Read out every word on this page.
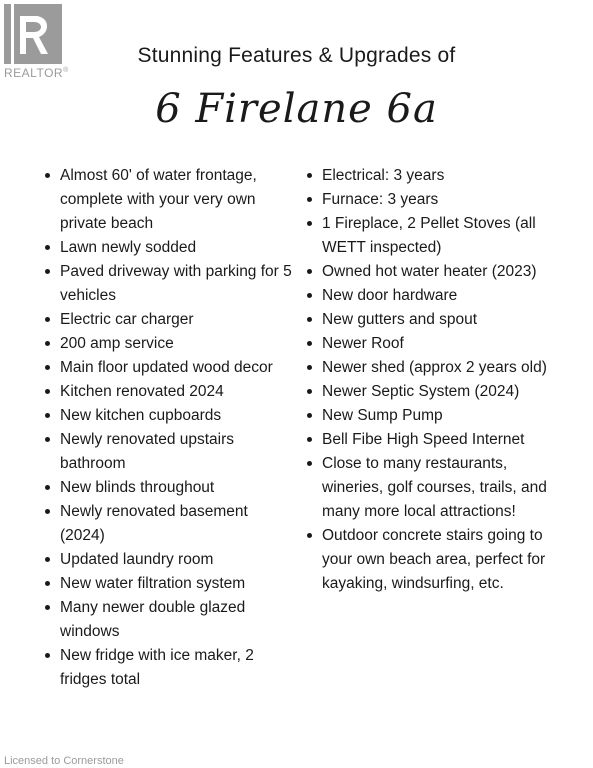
REALTOR®
Stunning Features & Upgrades of
6 Firelane 6a
Almost 60' of water frontage, complete with your very own private beach
Lawn newly sodded
Paved driveway with parking for 5 vehicles
Electric car charger
200 amp service
Main floor updated wood decor
Kitchen renovated 2024
New kitchen cupboards
Newly renovated upstairs bathroom
New blinds throughout
Newly renovated basement (2024)
Updated laundry room
New water filtration system
Many newer double glazed windows
New fridge with ice maker, 2 fridges total
Electrical: 3 years
Furnace: 3 years
1 Fireplace, 2 Pellet Stoves (all WETT inspected)
Owned hot water heater (2023)
New door hardware
New gutters and spout
Newer Roof
Newer shed (approx 2 years old)
Newer Septic System (2024)
New Sump Pump
Bell Fibe High Speed Internet
Close to many restaurants, wineries, golf courses, trails, and many more local attractions!
Outdoor concrete stairs going to your own beach area, perfect for kayaking, windsurfing, etc.
Licensed to Cornerstone
